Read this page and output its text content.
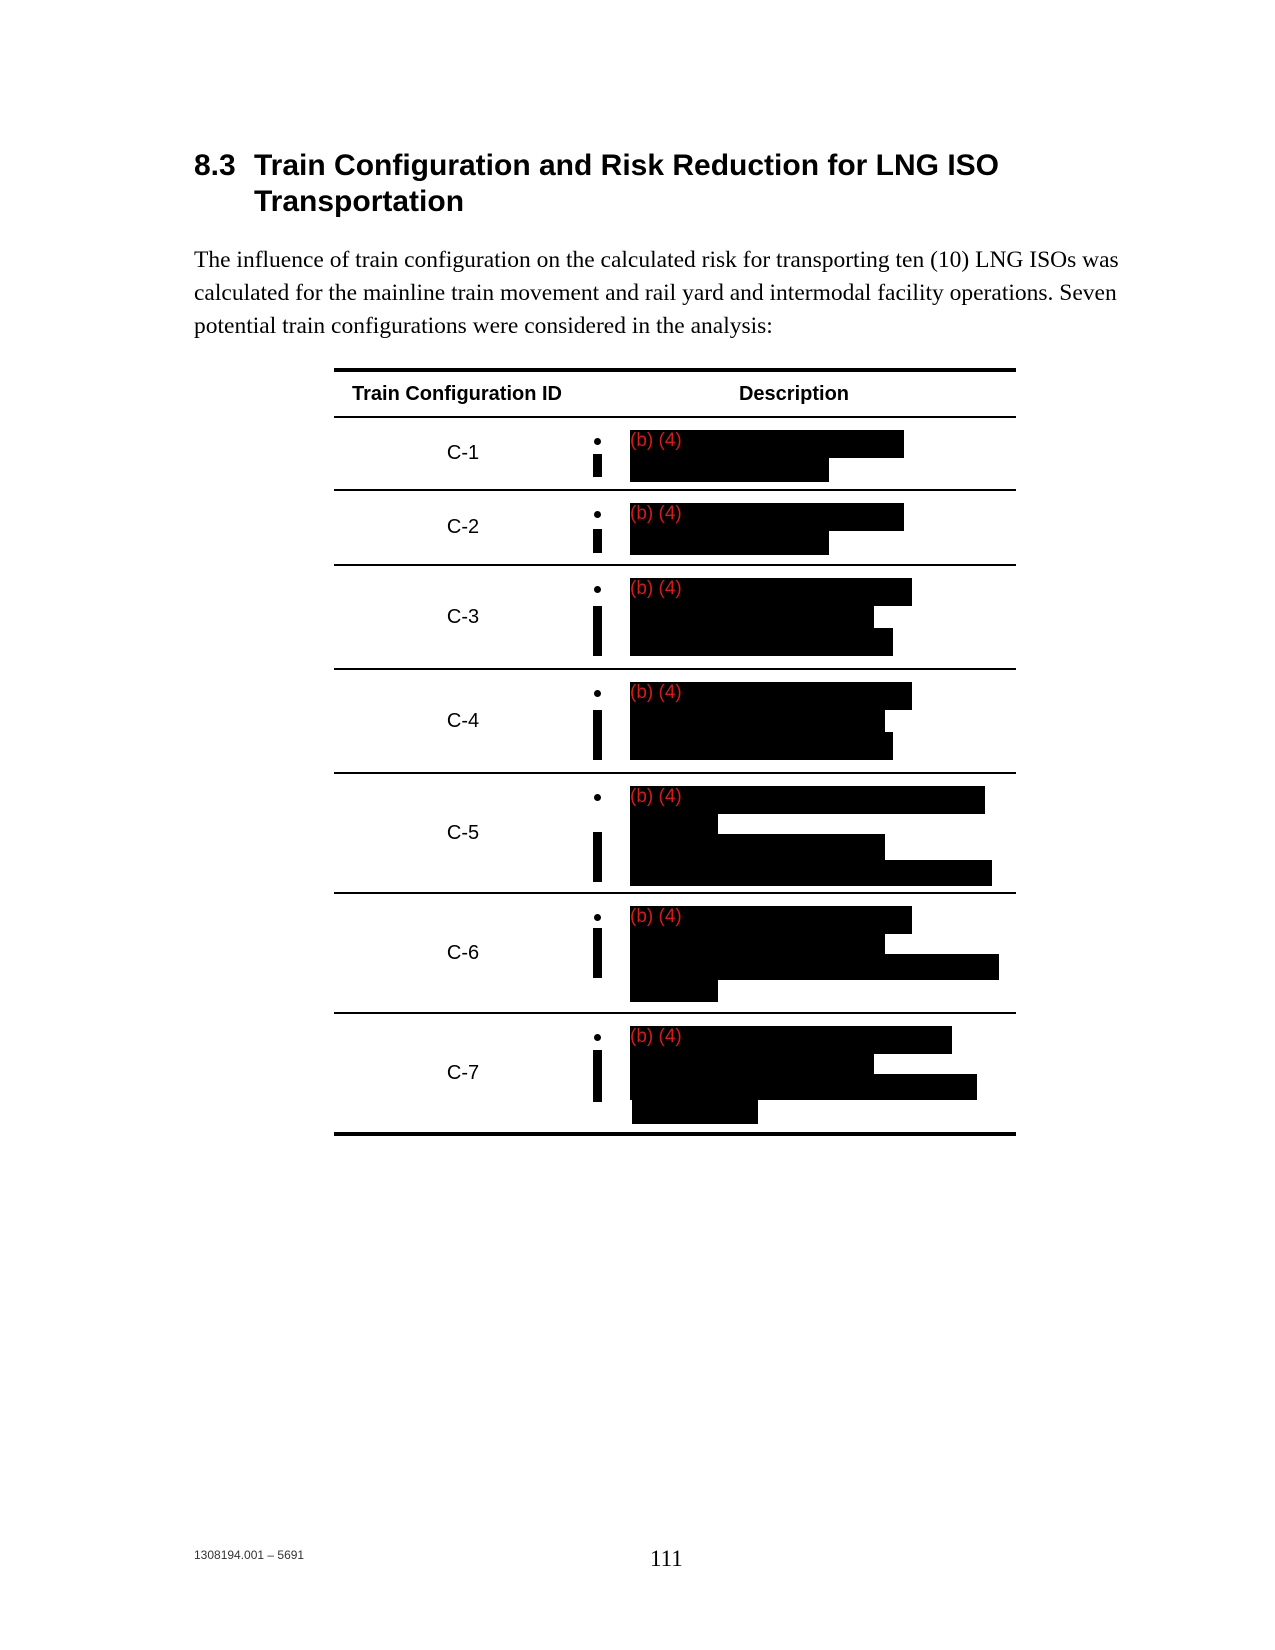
8.3 Train Configuration and Risk Reduction for LNG ISO Transportation

The influence of train configuration on the calculated risk for transporting ten (10) LNG ISOs was calculated for the mainline train movement and rail yard and intermodal facility operations. Seven potential train configurations were considered in the analysis:

Train Configuration ID	Description
C-1
(b) (4)
C-2
(b) (4)
C-3
(b) (4)
C-4
(b) (4)
C-5
(b) (4)
C-6
(b) (4)
C-7
(b) (4)
1308194.001 – 5691	111
